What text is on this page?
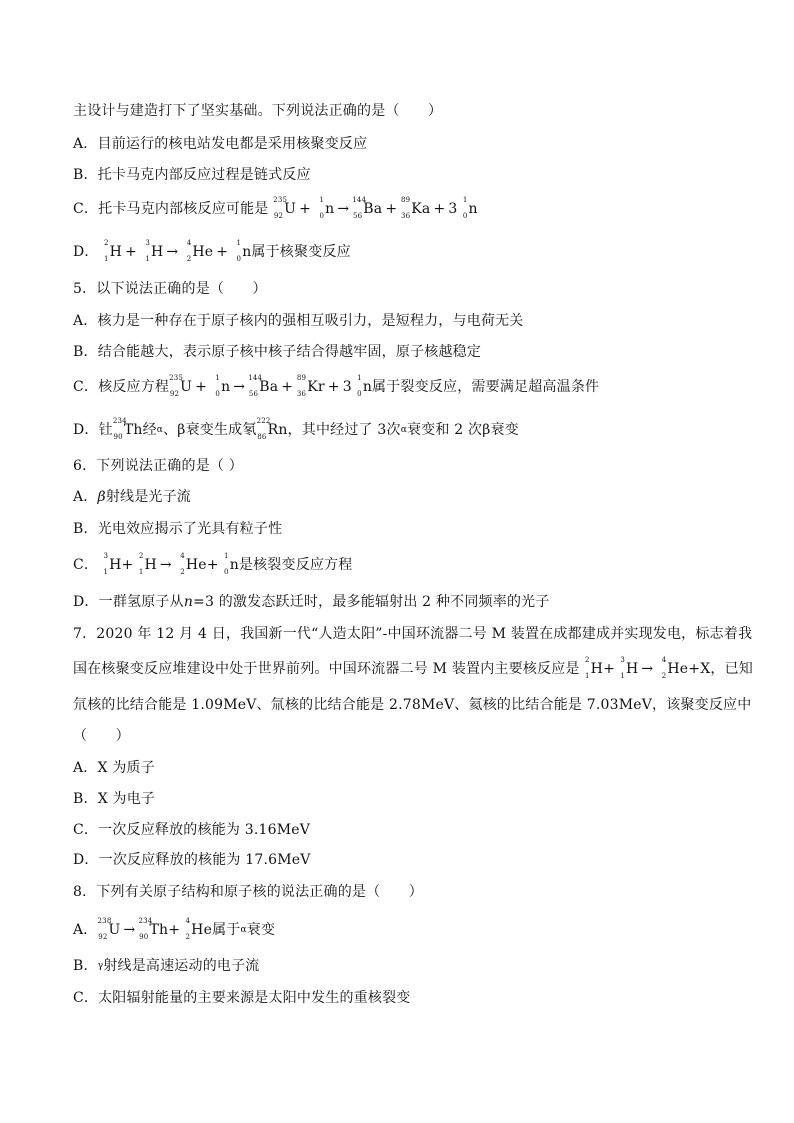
主设计与建造打下了坚实基础。下列说法正确的是（　　）
A．目前运行的核电站发电都是采用核聚变反应
B．托卡马克内部反应过程是链式反应
C．托卡马克内部核反应可能是
235
92 U +
1
0 n →
144
56 Ba +
89
36 Ka + 3
1
0 n
D．
2
1 H +
3
1 H →
4
2 He +
1
0 n属于核聚变反应
5．以下说法正确的是（　　）
A．核力是一种存在于原子核内的强相互吸引力，是短程力，与电荷无关
B．结合能越大，表示原子核中核子结合得越牢固，原子核越稳定
C．核反应方程
235
92 U +
1
0 n →
144
56 Ba +
89
36 Kr + 3
1
0 n属于裂变反应，需要满足超高温条件
D．钍
234
90 Th经α、β衰变生成氡
222
86 Rn，其中经过了 3次α衰变和 2 次β衰变
6．下列说法正确的是（ ）
A．β射线是光子流
B．光电效应揭示了光具有粒子性
C．
3
1 H+
2
1 H →
4
2 He+
1
0 n是核裂变反应方程
D．一群氢原子从n=3 的激发态跃迁时，最多能辐射出 2 种不同频率的光子
7．2020 年 12 月 4 日，我国新一代“人造太阳”-中国环流器二号 M 装置在成都建成并实现发电，标志着我
国在核聚变反应堆建设中处于世界前列。中国环流器二号 M 装置内主要核反应是
2
1 H+
3
1 H →
4
2 He+X，已知
氘核的比结合能是 1.09MeV、氚核的比结合能是 2.78MeV、氦核的比结合能是 7.03MeV，该聚变反应中
（　　）
A．X 为质子
B．X 为电子
C．一次反应释放的核能为 3.16MeV
D．一次反应释放的核能为 17.6MeV
8．下列有关原子结构和原子核的说法正确的是（　　）
A．
238
92 U →
234
90 Th+
4
2 He属于α衰变
B．γ射线是高速运动的电子流
C．太阳辐射能量的主要来源是太阳中发生的重核裂变
